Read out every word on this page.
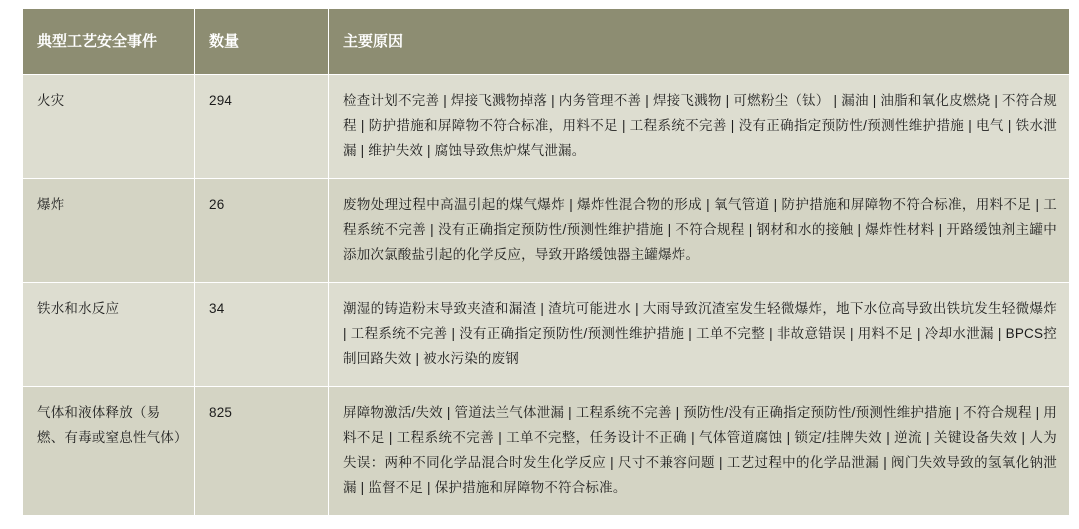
典型工艺安全事件	数量	主要原因
火灾	294	检查计划不完善 | 焊接飞溅物掉落 | 内务管理不善 | 焊接飞溅物 | 可燃粉尘（钛） | 漏油 | 油脂和氧化皮燃烧 | 不符合规程 | 防护措施和屏障物不符合标准，用料不足 | 工程系统不完善 | 没有正确指定预防性/预测性维护措施 | 电气 | 铁水泄漏 | 维护失效 | 腐蚀导致焦炉煤气泄漏。
爆炸	26	废物处理过程中高温引起的煤气爆炸 | 爆炸性混合物的形成 | 氧气管道 | 防护措施和屏障物不符合标准，用料不足 | 工程系统不完善 | 没有正确指定预防性/预测性维护措施 | 不符合规程 | 钢材和水的接触 | 爆炸性材料 | 开路缓蚀剂主罐中添加次氯酸盐引起的化学反应，导致开路缓蚀器主罐爆炸。
铁水和水反应	34	潮湿的铸造粉末导致夹渣和漏渣 | 渣坑可能进水 | 大雨导致沉渣室发生轻微爆炸，地下水位高导致出铁坑发生轻微爆炸 | 工程系统不完善 | 没有正确指定预防性/预测性维护措施 | 工单不完整 | 非故意错误 | 用料不足 | 冷却水泄漏 | BPCS控制回路失效 | 被水污染的废钢
气体和液体释放（易燃、有毒或窒息性气体）	825	屏障物激活/失效 | 管道法兰气体泄漏 | 工程系统不完善 | 预防性/没有正确指定预防性/预测性维护措施 | 不符合规程 | 用料不足 | 工程系统不完善 | 工单不完整，任务设计不正确 | 气体管道腐蚀 | 锁定/挂牌失效 | 逆流 | 关键设备失效 | 人为失误：两种不同化学品混合时发生化学反应 | 尺寸不兼容问题 | 工艺过程中的化学品泄漏 | 阀门失效导致的氢氧化钠泄漏 | 监督不足 | 保护措施和屏障物不符合标准。
